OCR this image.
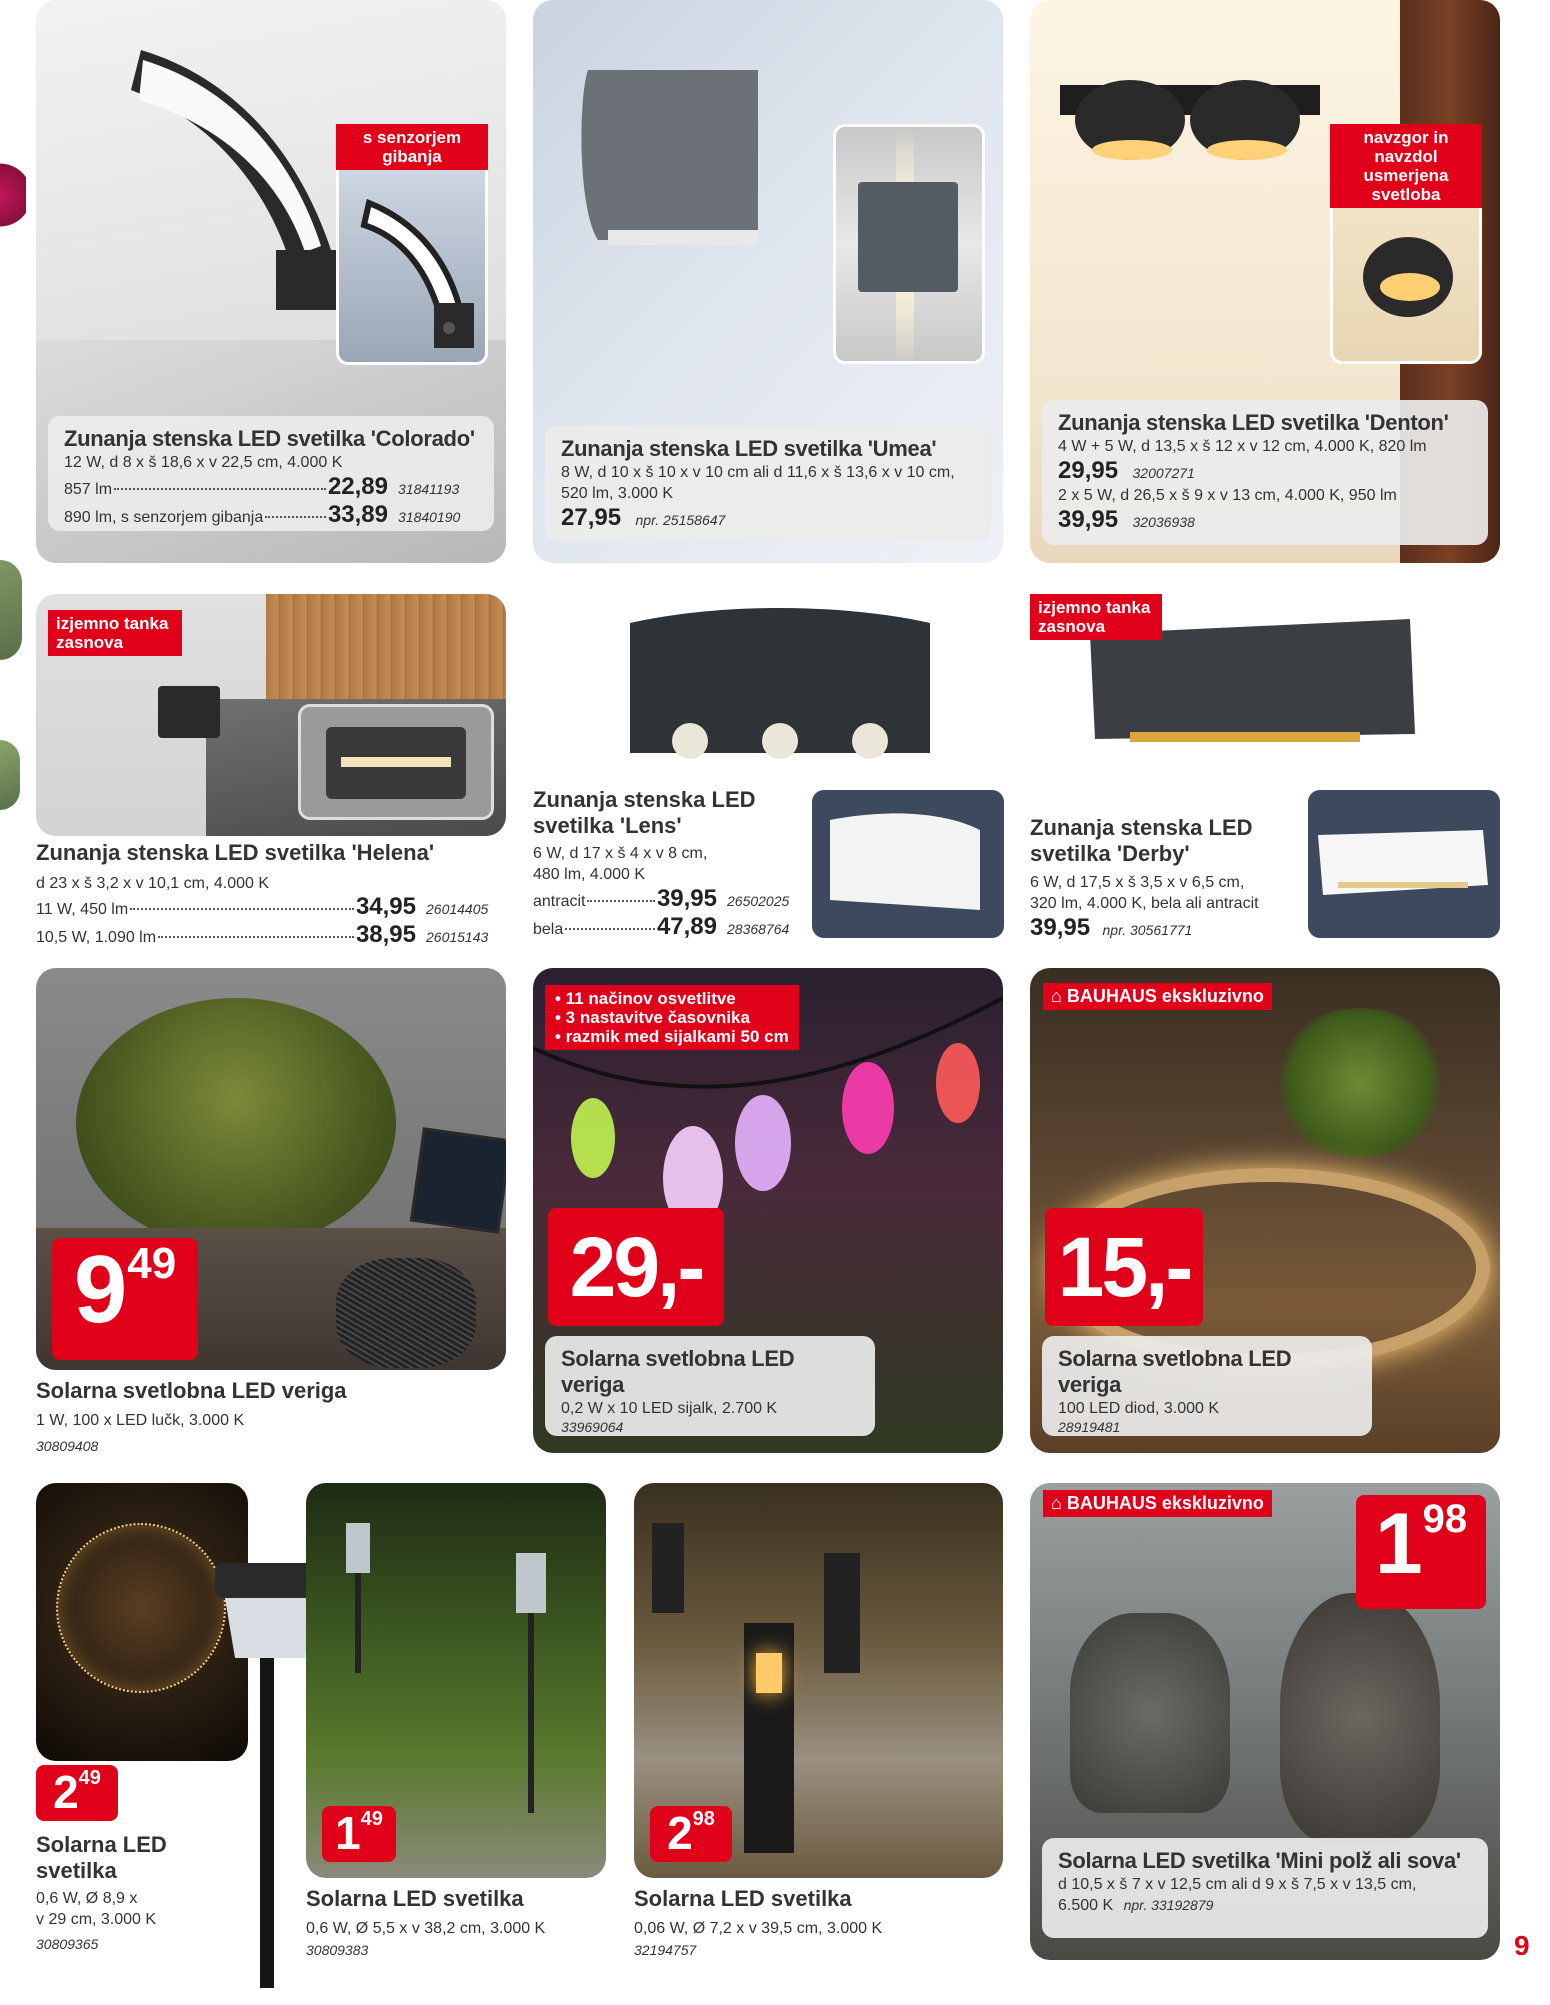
s senzorjem gibanja
Zunanja stenska LED svetilka 'Colorado'
12 W, d 8 x š 18,6 x v 22,5 cm, 4.000 K
857 lm	22,89 31841193
890 lm, s senzorjem gibanja	33,89 31840190
Zunanja stenska LED svetilka 'Umea'
8 W, d 10 x š 10 x v 10 cm ali d 11,6 x š 13,6 x v 10 cm,
520 lm, 3.000 K
27,95 npr. 25158647
navzgor in navzdol usmerjena svetloba
Zunanja stenska LED svetilka 'Denton'
4 W + 5 W, d 13,5 x š 12 x v 12 cm, 4.000 K, 820 lm
29,95 32007271
2 x 5 W, d 26,5 x š 9 x v 13 cm, 4.000 K, 950 lm
39,95 32036938
izjemno tanka zasnova
Zunanja stenska LED svetilka 'Helena'
d 23 x š 3,2 x v 10,1 cm, 4.000 K
11 W, 450 lm	34,95 26014405
10,5 W, 1.090 lm	38,95 26015143
Zunanja stenska LED
svetilka 'Lens'
6 W, d 17 x š 4 x v 8 cm,
480 lm, 4.000 K
antracit	39,95 26502025
bela	47,89 28368764
izjemno tanka zasnova
Zunanja stenska LED
svetilka 'Derby'
6 W, d 17,5 x š 3,5 x v 6,5 cm,
320 lm, 4.000 K, bela ali antracit
39,95 npr. 30561771
9 49
Solarna svetlobna LED veriga
1 W, 100 x LED lučk, 3.000 K
30809408
• 11 načinov osvetlitve
• 3 nastavitve časovnika
• razmik med sijalkami 50 cm
29,-
Solarna svetlobna LED veriga
0,2 W x 10 LED sijalk, 2.700 K
33969064
⌂ BAUHAUS ekskluzivno
15,-
Solarna svetlobna LED veriga
100 LED diod, 3.000 K
28919481
2 49
Solarna LED
svetilka
0,6 W, Ø 8,9 x
v 29 cm, 3.000 K
30809365
1 49
Solarna LED svetilka
0,6 W, Ø 5,5 x v 38,2 cm, 3.000 K
30809383
2 98
Solarna LED svetilka
0,06 W, Ø 7,2 x v 39,5 cm, 3.000 K
32194757
⌂ BAUHAUS ekskluzivno 1 98
Solarna LED svetilka 'Mini polž ali sova'
d 10,5 x š 7 x v 12,5 cm ali d 9 x š 7,5 x v 13,5 cm,
6.500 K npr. 33192879
9
